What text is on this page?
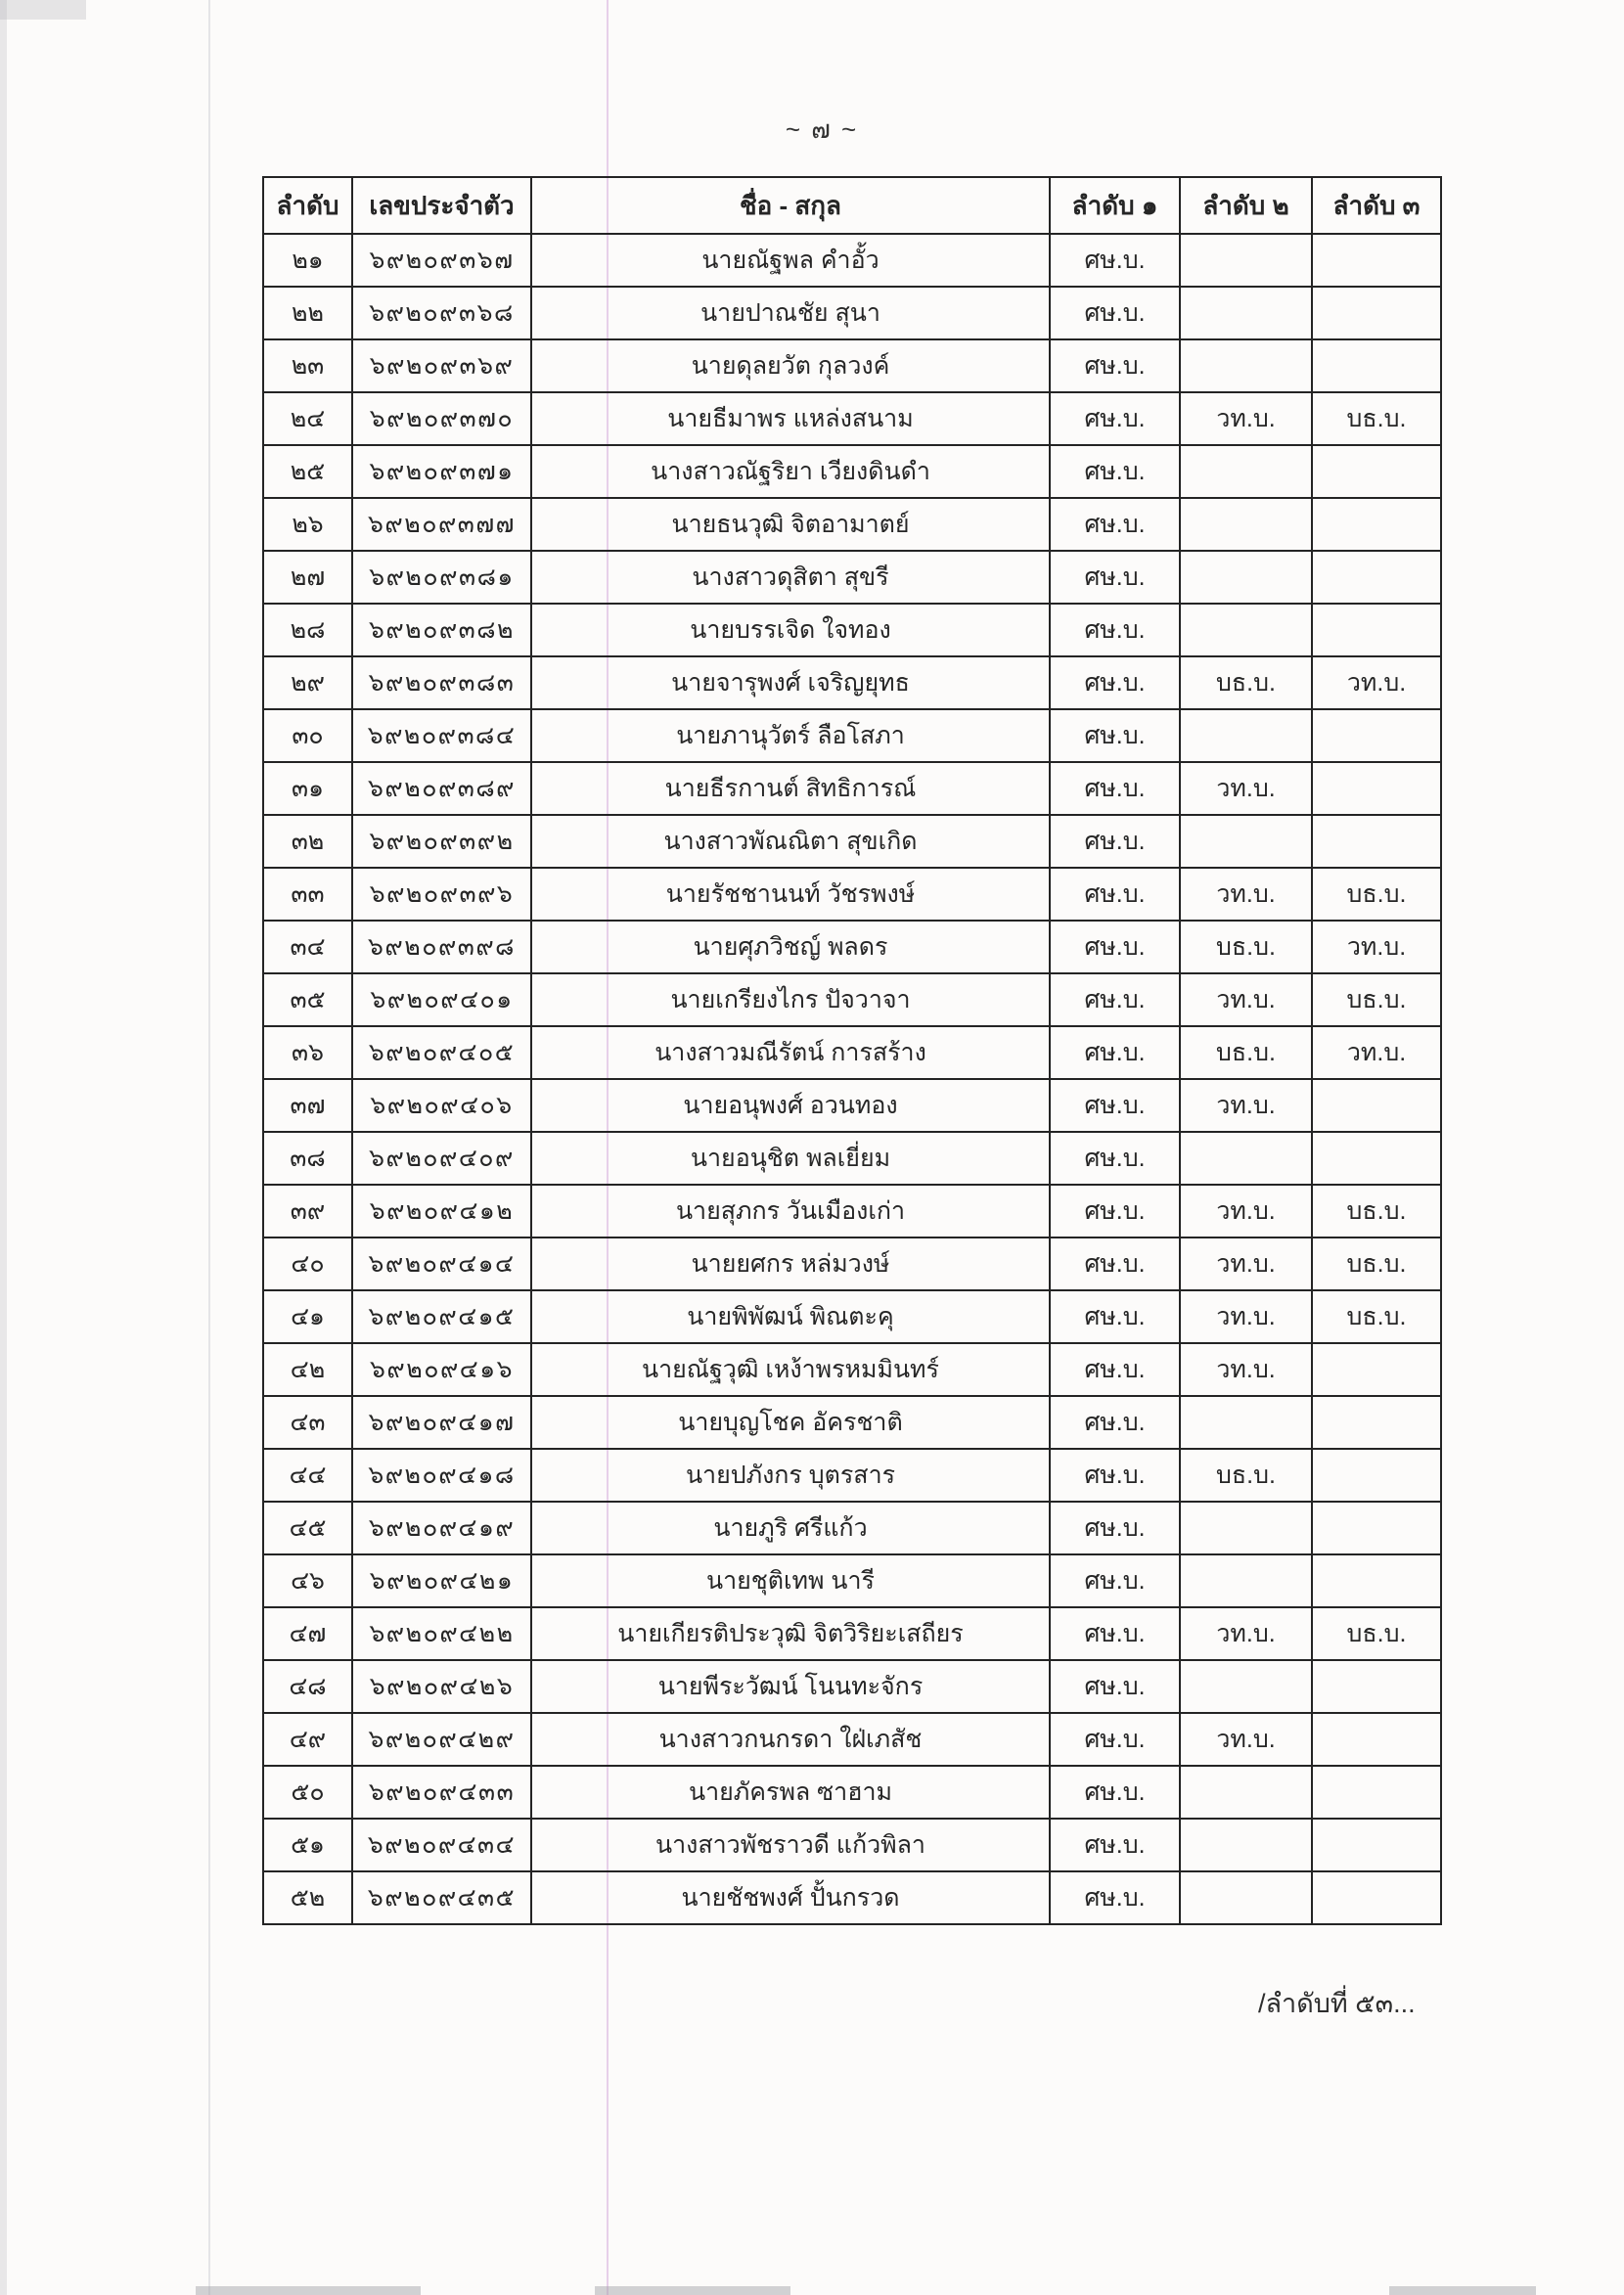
~ ๗ ~
ลำดับ	เลขประจำตัว	ชื่อ - สกุล	ลำดับ ๑	ลำดับ ๒	ลำดับ ๓
๒๑	๖๙๒๐๙๓๖๗	นายณัฐพล คำอั้ว	ศษ.บ.		
๒๒	๖๙๒๐๙๓๖๘	นายปาณชัย สุนา	ศษ.บ.		
๒๓	๖๙๒๐๙๓๖๙	นายดุลยวัต กุลวงค์	ศษ.บ.		
๒๔	๖๙๒๐๙๓๗๐	นายธีมาพร แหล่งสนาม	ศษ.บ.	วท.บ.	บธ.บ.
๒๕	๖๙๒๐๙๓๗๑	นางสาวณัฐริยา เวียงดินดำ	ศษ.บ.		
๒๖	๖๙๒๐๙๓๗๗	นายธนวุฒิ จิตอามาตย์	ศษ.บ.		
๒๗	๖๙๒๐๙๓๘๑	นางสาวดุสิตา สุขรี	ศษ.บ.		
๒๘	๖๙๒๐๙๓๘๒	นายบรรเจิด ใจทอง	ศษ.บ.		
๒๙	๖๙๒๐๙๓๘๓	นายจารุพงศ์ เจริญยุทธ	ศษ.บ.	บธ.บ.	วท.บ.
๓๐	๖๙๒๐๙๓๘๔	นายภานุวัตร์ ลือโสภา	ศษ.บ.		
๓๑	๖๙๒๐๙๓๘๙	นายธีรกานต์ สิทธิการณ์	ศษ.บ.	วท.บ.	
๓๒	๖๙๒๐๙๓๙๒	นางสาวพัณณิตา สุขเกิด	ศษ.บ.		
๓๓	๖๙๒๐๙๓๙๖	นายรัชชานนท์ วัชรพงษ์	ศษ.บ.	วท.บ.	บธ.บ.
๓๔	๖๙๒๐๙๓๙๘	นายศุภวิชญ์ พลดร	ศษ.บ.	บธ.บ.	วท.บ.
๓๕	๖๙๒๐๙๔๐๑	นายเกรียงไกร ปัจวาจา	ศษ.บ.	วท.บ.	บธ.บ.
๓๖	๖๙๒๐๙๔๐๕	นางสาวมณีรัตน์ การสร้าง	ศษ.บ.	บธ.บ.	วท.บ.
๓๗	๖๙๒๐๙๔๐๖	นายอนุพงศ์ อวนทอง	ศษ.บ.	วท.บ.	
๓๘	๖๙๒๐๙๔๐๙	นายอนุชิต พลเยี่ยม	ศษ.บ.		
๓๙	๖๙๒๐๙๔๑๒	นายสุภกร วันเมืองเก่า	ศษ.บ.	วท.บ.	บธ.บ.
๔๐	๖๙๒๐๙๔๑๔	นายยศกร หล่มวงษ์	ศษ.บ.	วท.บ.	บธ.บ.
๔๑	๖๙๒๐๙๔๑๕	นายพิพัฒน์ พิณตะคุ	ศษ.บ.	วท.บ.	บธ.บ.
๔๒	๖๙๒๐๙๔๑๖	นายณัฐวุฒิ เหง้าพรหมมินทร์	ศษ.บ.	วท.บ.	
๔๓	๖๙๒๐๙๔๑๗	นายบุญโชค อัครชาติ	ศษ.บ.		
๔๔	๖๙๒๐๙๔๑๘	นายปภังกร บุตรสาร	ศษ.บ.	บธ.บ.	
๔๕	๖๙๒๐๙๔๑๙	นายภูริ ศรีแก้ว	ศษ.บ.		
๔๖	๖๙๒๐๙๔๒๑	นายชุติเทพ นารี	ศษ.บ.		
๔๗	๖๙๒๐๙๔๒๒	นายเกียรติประวุฒิ จิตวิริยะเสถียร	ศษ.บ.	วท.บ.	บธ.บ.
๔๘	๖๙๒๐๙๔๒๖	นายพีระวัฒน์ โนนทะจักร	ศษ.บ.		
๔๙	๖๙๒๐๙๔๒๙	นางสาวกนกรดา ใฝ่เภสัช	ศษ.บ.	วท.บ.	
๕๐	๖๙๒๐๙๔๓๓	นายภัครพล ซาฮาม	ศษ.บ.		
๕๑	๖๙๒๐๙๔๓๔	นางสาวพัชราวดี แก้วพิลา	ศษ.บ.		
๕๒	๖๙๒๐๙๔๓๕	นายชัชพงศ์ ปั้นกรวด	ศษ.บ.		
/ลำดับที่ ๕๓...
